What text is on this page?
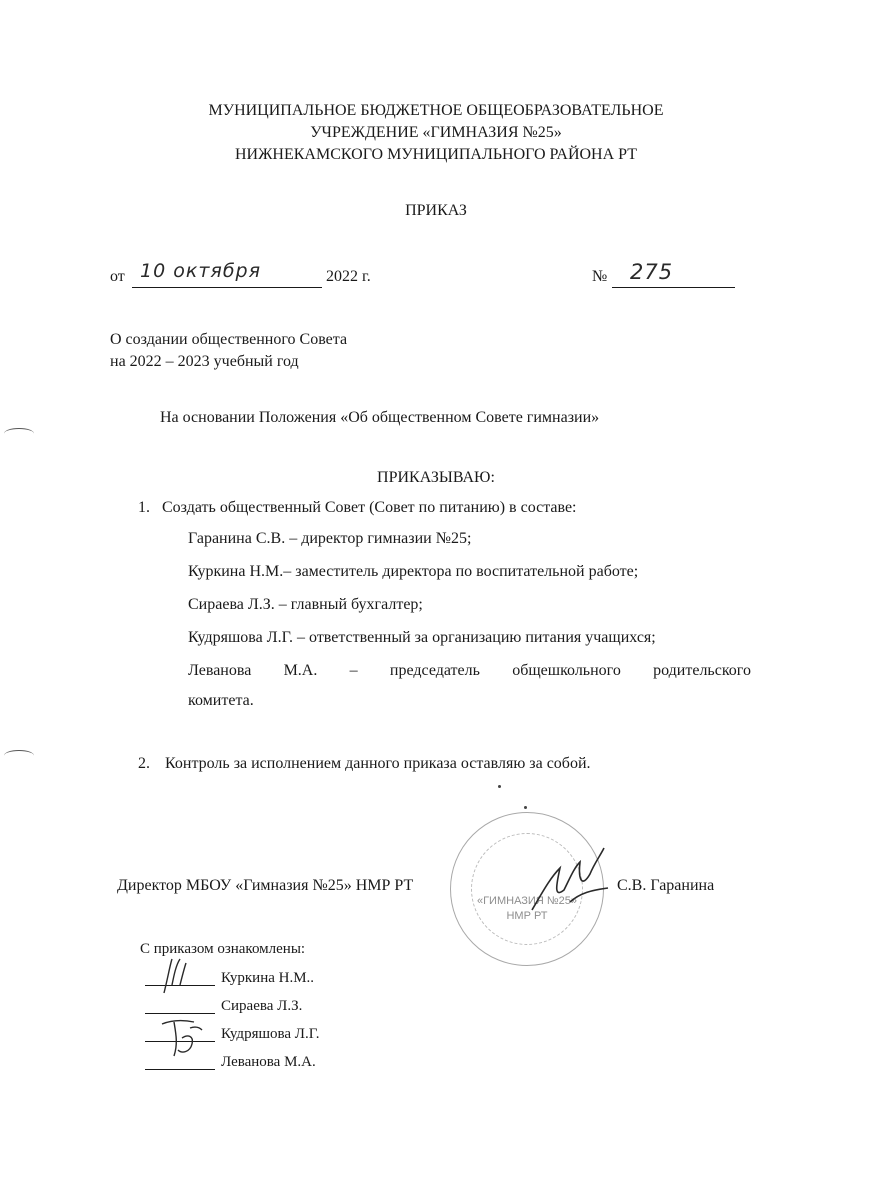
МУНИЦИПАЛЬНОЕ БЮДЖЕТНОЕ ОБЩЕОБРАЗОВАТЕЛЬНОЕ
УЧРЕЖДЕНИЕ «ГИМНАЗИЯ №25»
НИЖНЕКАМСКОГО МУНИЦИПАЛЬНОГО РАЙОНА РТ
ПРИКАЗ
от 10 октября	2022 г.	№ 275
О создании общественного Совета
на 2022 – 2023 учебный год
На основании Положения «Об общественном Совете гимназии»
ПРИКАЗЫВАЮ:
1. Создать общественный Совет (Совет по питанию) в составе:
Гаранина С.В. – директор гимназии №25;
Куркина Н.М.– заместитель директора по воспитательной работе;
Сираева Л.З. – главный бухгалтер;
Кудряшова Л.Г. – ответственный за организацию питания учащихся;
Леванова М.А. – председатель общешкольного родительского
комитета.
2. Контроль за исполнением данного приказа оставляю за собой.
«ГИМНАЗИЯ №25»
НМР РТ
Директор МБОУ «Гимназия №25» НМР РТ	С.В. Гаранина
С приказом ознакомлены:
Куркина Н.М..
Сираева Л.З.
Кудряшова Л.Г.
Леванова М.А.
